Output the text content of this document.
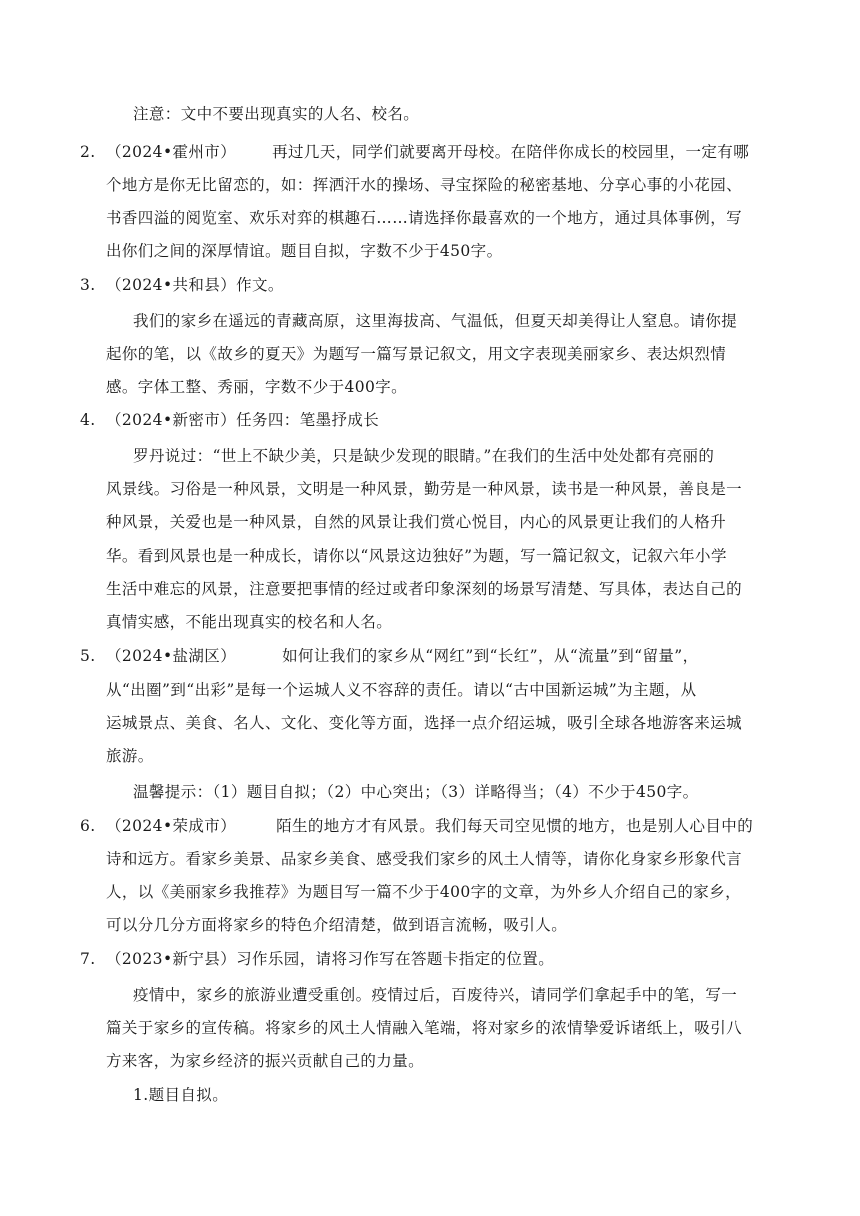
注意：文中不要出现真实的人名、校名。
2. （2024•霍州市） 再过几天，同学们就要离开母校。在陪伴你成长的校园里，一定有哪
个地方是你无比留恋的，如：挥洒汗水的操场、寻宝探险的秘密基地、分享心事的小花园、
书香四溢的阅览室、欢乐对弈的棋趣石……请选择你最喜欢的一个地方，通过具体事例，写
出你们之间的深厚情谊。题目自拟，字数不少于450字。
3. （2024•共和县）作文。
我们的家乡在遥远的青藏高原，这里海拔高、气温低，但夏天却美得让人窒息。请你提
起你的笔，以《故乡的夏天》为题写一篇写景记叙文，用文字表现美丽家乡、表达炽烈情
感。字体工整、秀丽，字数不少于400字。
4. （2024•新密市）任务四：笔墨抒成长
罗丹说过：“世上不缺少美，只是缺少发现的眼睛。”在我们的生活中处处都有亮丽的
风景线。习俗是一种风景，文明是一种风景，勤劳是一种风景，读书是一种风景，善良是一
种风景，关爱也是一种风景，自然的风景让我们赏心悦目，内心的风景更让我们的人格升
华。看到风景也是一种成长，请你以“风景这边独好”为题，写一篇记叙文，记叙六年小学
生活中难忘的风景，注意要把事情的经过或者印象深刻的场景写清楚、写具体，表达自己的
真情实感，不能出现真实的校名和人名。
5. （2024•盐湖区）	如何让我们的家乡从“网红”到“长红”，从“流量”到“留量”，
从“出圈”到“出彩”是每一个运城人义不容辞的责任。请以“古中国新运城”为主题，从
运城景点、美食、名人、文化、变化等方面，选择一点介绍运城，吸引全球各地游客来运城
旅游。
温馨提示：（1）题目自拟；（2）中心突出；（3）详略得当；（4）不少于450字。
6. （2024•荣成市）	陌生的地方才有风景。我们每天司空见惯的地方，也是别人心目中的
诗和远方。看家乡美景、品家乡美食、感受我们家乡的风土人情等，请你化身家乡形象代言
人，以《美丽家乡我推荐》为题目写一篇不少于400字的文章，为外乡人介绍自己的家乡，
可以分几分方面将家乡的特色介绍清楚，做到语言流畅，吸引人。
7. （2023•新宁县）习作乐园，请将习作写在答题卡指定的位置。
疫情中，家乡的旅游业遭受重创。疫情过后，百废待兴，请同学们拿起手中的笔，写一
篇关于家乡的宣传稿。将家乡的风土人情融入笔端，将对家乡的浓情挚爱诉诸纸上，吸引八
方来客，为家乡经济的振兴贡献自己的力量。
1.题目自拟。
